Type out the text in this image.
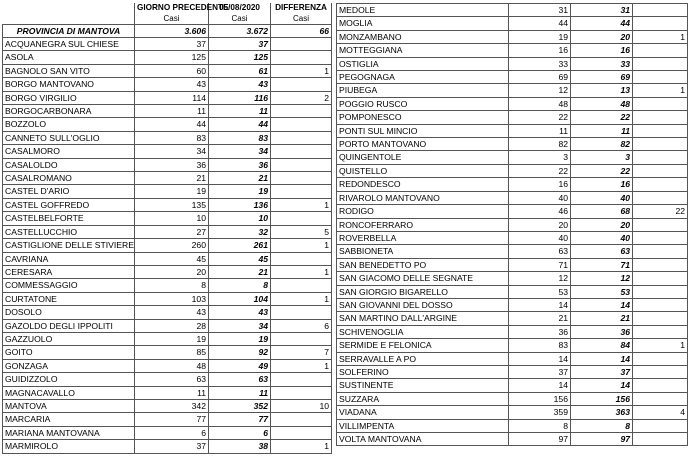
	GIORNO PRECEDENTE	05/08/2020	DIFFERENZA
	Casi	Casi	Casi
PROVINCIA DI MANTOVA	3.606	3.672	66
ACQUANEGRA SUL CHIESE	37	37	
ASOLA	125	125	
BAGNOLO SAN VITO	60	61	1
BORGO MANTOVANO	43	43	
BORGO VIRGILIO	114	116	2
BORGOCARBONARA	11	11	
BOZZOLO	44	44	
CANNETO SULL'OGLIO	83	83	
CASALMORO	34	34	
CASALOLDO	36	36	
CASALROMANO	21	21	
CASTEL D'ARIO	19	19	
CASTEL GOFFREDO	135	136	1
CASTELBELFORTE	10	10	
CASTELLUCCHIO	27	32	5
CASTIGLIONE DELLE STIVIERE	260	261	1
CAVRIANA	45	45	
CERESARA	20	21	1
COMMESSAGGIO	8	8	
CURTATONE	103	104	1
DOSOLO	43	43	
GAZOLDO DEGLI IPPOLITI	28	34	6
GAZZUOLO	19	19	
GOITO	85	92	7
GONZAGA	48	49	1
GUIDIZZOLO	63	63	
MAGNACAVALLO	11	11	
MANTOVA	342	352	10
MARCARIA	77	77	
MARIANA MANTOVANA	6	6	
MARMIROLO	37	38	1
MEDOLE	31	31	
MOGLIA	44	44	
MONZAMBANO	19	20	1
MOTTEGGIANA	16	16	
OSTIGLIA	33	33	
PEGOGNAGA	69	69	
PIUBEGA	12	13	1
POGGIO RUSCO	48	48	
POMPONESCO	22	22	
PONTI SUL MINCIO	11	11	
PORTO MANTOVANO	82	82	
QUINGENTOLE	3	3	
QUISTELLO	22	22	
REDONDESCO	16	16	
RIVAROLO MANTOVANO	40	40	
RODIGO	46	68	22
RONCOFERRARO	20	20	
ROVERBELLA	40	40	
SABBIONETA	63	63	
SAN BENEDETTO PO	71	71	
SAN GIACOMO DELLE SEGNATE	12	12	
SAN GIORGIO BIGARELLO	53	53	
SAN GIOVANNI DEL DOSSO	14	14	
SAN MARTINO DALL'ARGINE	21	21	
SCHIVENOGLIA	36	36	
SERMIDE E FELONICA	83	84	1
SERRAVALLE A PO	14	14	
SOLFERINO	37	37	
SUSTINENTE	14	14	
SUZZARA	156	156	
VIADANA	359	363	4
VILLIMPENTA	8	8	
VOLTA MANTOVANA	97	97	
